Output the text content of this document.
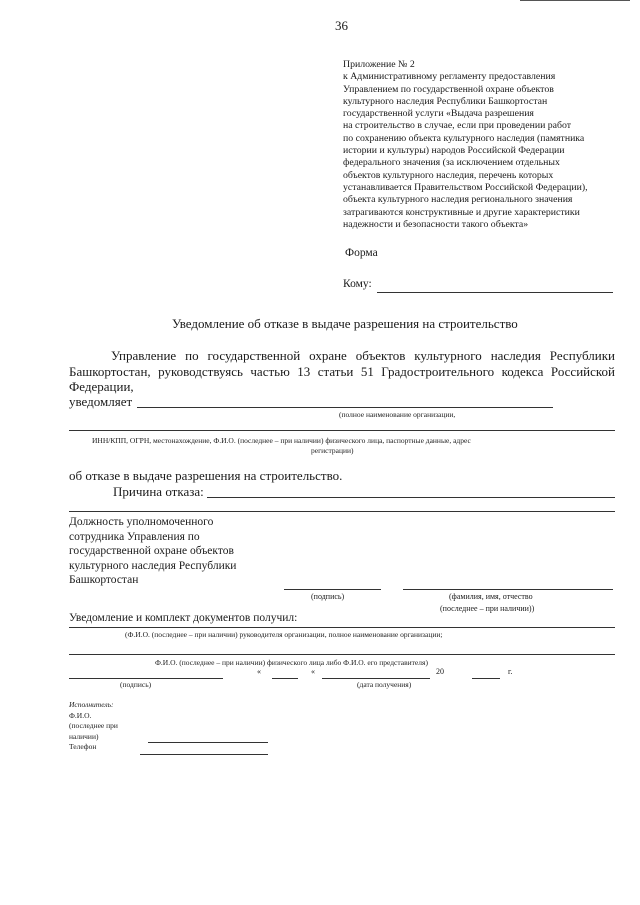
36
Приложение № 2
к Административному регламенту предоставления
Управлением по государственной охране объектов
культурного наследия Республики Башкортостан
государственной услуги «Выдача разрешения
на строительство в случае, если при проведении работ
по сохранению объекта культурного наследия (памятника
истории и культуры) народов Российской Федерации
федерального значения (за исключением отдельных
объектов культурного наследия, перечень которых
устанавливается Правительством Российской Федерации),
объекта культурного наследия регионального значения
затрагиваются конструктивные и другие характеристики
надежности и безопасности такого объекта»
Форма
Кому:
Уведомление об отказе в выдаче разрешения на строительство
Управление по государственной охране объектов культурного наследия Республики
Башкортостан, руководствуясь частью 13 статьи 51 Градостроительного кодекса Российской
Федерации,
уведомляет
(полное наименование организации,
ИНН/КПП, ОГРН, местонахождение, Ф.И.О. (последнее – при наличии) физического лица, паспортные данные, адрес
регистрации)
об отказе в выдаче разрешения на строительство.
Причина отказа:
Должность уполномоченного
сотрудника Управления по
государственной охране объектов
культурного наследия Республики
Башкортостан
(подпись)	(фамилия, имя, отчество
(последнее – при наличии))
Уведомление и комплект документов получил:
(Ф.И.О. (последнее – при наличии) руководителя организации, полное наименование организации;
Ф.И.О. (последнее – при наличии) физического лица либо Ф.И.О. его представителя)
«	«	20	г.
(подпись)	(дата получения)
Исполнитель:
Ф.И.О.
(последнее при
наличии)
Телефон
